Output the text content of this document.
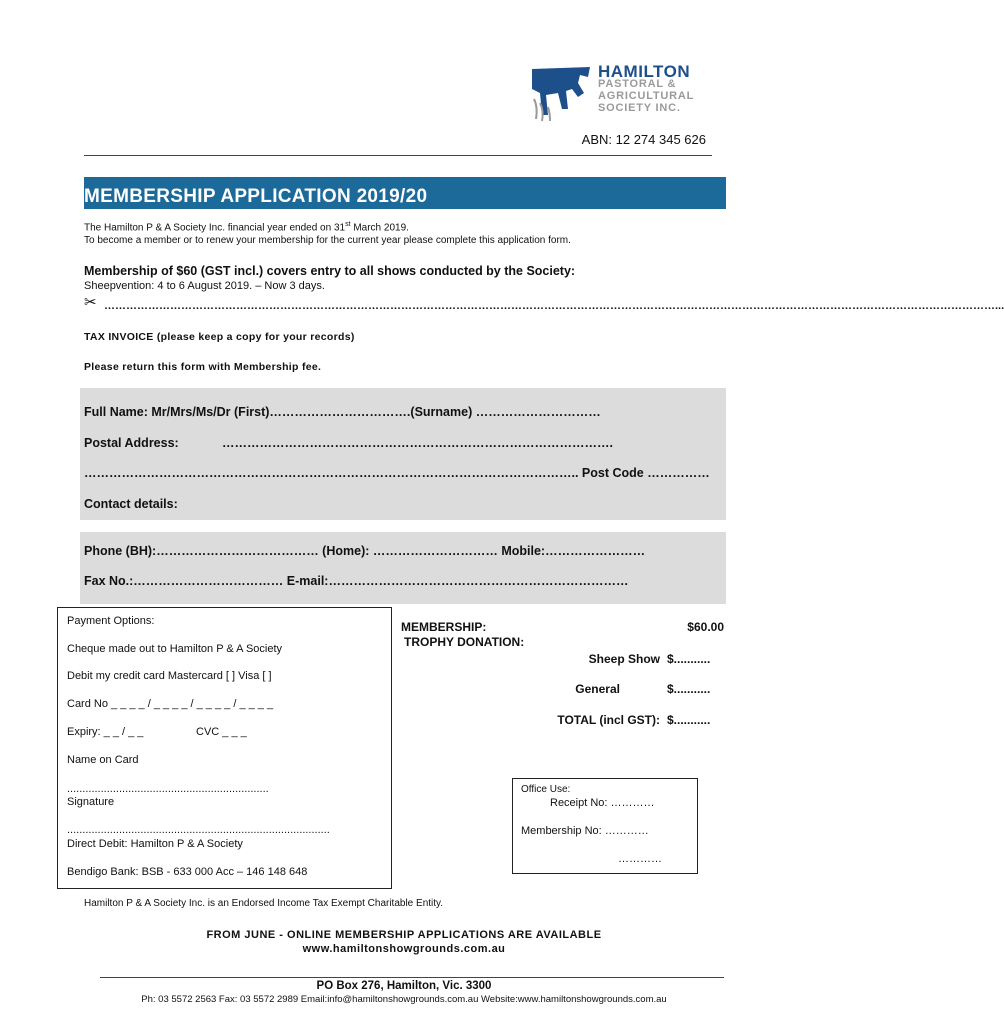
HAMILTON
PASTORAL &
AGRICULTURAL
SOCIETY INC.
ABN: 12 274 345 626
MEMBERSHIP APPLICATION 2019/20
The Hamilton P & A Society Inc. financial year ended on 31st March 2019.
To become a member or to renew your membership for the current year please complete this application form.
Membership of $60 (GST incl.) covers entry to all shows conducted by the Society:
Sheepvention: 4 to 6 August 2019. – Now 3 days.
✂ ………………………………………………………………………………………………………………………………………………………………………………………………………………………...
TAX INVOICE (please keep a copy for your records)
Please return this form with Membership fee.
Full Name: Mr/Mrs/Ms/Dr (First)…………………………….(Surname) …………………………
Postal Address:	………………………………………………………………………………….
……………………………………………………………………………………………………….. Post Code ……………
Contact details:
Phone (BH):………………………………… (Home): ………………………… Mobile:……………………
Fax No.:……………………………… E-mail:………………………………………………………………
Payment Options:
Cheque made out to Hamilton P & A Society
Debit my credit card Mastercard [ ] Visa [ ]
Card No _ _ _ _ / _ _ _ _ / _ _ _ _ / _ _ _ _
Expiry: _ _ / _ _	CVC _ _ _
Name on Card
..................................................................
Signature
......................................................................................
Direct Debit: Hamilton P & A Society
Bendigo Bank: BSB - 633 000 Acc – 146 148 648
MEMBERSHIP:	$60.00
TROPHY DONATION:
Sheep Show $...........
General	$...........
TOTAL (incl GST): $...........
Office Use:
Receipt No: …………
Membership No: …………
…………
Hamilton P & A Society Inc. is an Endorsed Income Tax Exempt Charitable Entity.
FROM JUNE - ONLINE MEMBERSHIP APPLICATIONS ARE AVAILABLE
www.hamiltonshowgrounds.com.au
PO Box 276, Hamilton, Vic. 3300
Ph: 03 5572 2563 Fax: 03 5572 2989 Email:info@hamiltonshowgrounds.com.au Website:www.hamiltonshowgrounds.com.au
